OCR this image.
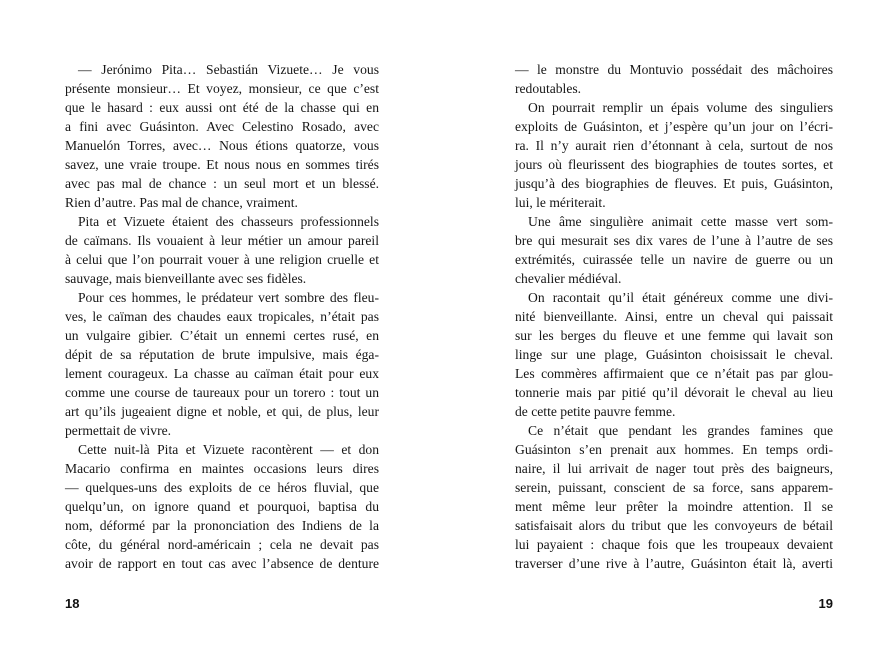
— Jerónimo Pita… Sebastián Vizuete… Je vous
présente monsieur… Et voyez, monsieur, ce que c’est
que le hasard : eux aussi ont été de la chasse qui en
a fini avec Guásinton. Avec Celestino Rosado, avec
Manuelón Torres, avec… Nous étions quatorze, vous
savez, une vraie troupe. Et nous nous en sommes tirés
avec pas mal de chance : un seul mort et un blessé.
Rien d’autre. Pas mal de chance, vraiment.
Pita et Vizuete étaient des chasseurs professionnels
de caïmans. Ils vouaient à leur métier un amour pareil
à celui que l’on pourrait vouer à une religion cruelle et
sauvage, mais bienveillante avec ses fidèles.
Pour ces hommes, le prédateur vert sombre des fleu-
ves, le caïman des chaudes eaux tropicales, n’était pas
un vulgaire gibier. C’était un ennemi certes rusé, en
dépit de sa réputation de brute impulsive, mais éga-
lement courageux. La chasse au caïman était pour eux
comme une course de taureaux pour un torero : tout un
art qu’ils jugeaient digne et noble, et qui, de plus, leur
permettait de vivre.
Cette nuit-là Pita et Vizuete racontèrent — et don
Macario confirma en maintes occasions leurs dires
— quelques-uns des exploits de ce héros fluvial, que
quelqu’un, on ignore quand et pourquoi, baptisa du
nom, déformé par la prononciation des Indiens de la
côte, du général nord-américain ; cela ne devait pas
avoir de rapport en tout cas avec l’absence de denture
18
— le monstre du Montuvio possédait des mâchoires
redoutables.
On pourrait remplir un épais volume des singuliers
exploits de Guásinton, et j’espère qu’un jour on l’écri-
ra. Il n’y aurait rien d’étonnant à cela, surtout de nos
jours où fleurissent des biographies de toutes sortes, et
jusqu’à des biographies de fleuves. Et puis, Guásinton,
lui, le mériterait.
Une âme singulière animait cette masse vert som-
bre qui mesurait ses dix vares de l’une à l’autre de ses
extrémités, cuirassée telle un navire de guerre ou un
chevalier médiéval.
On racontait qu’il était généreux comme une divi-
nité bienveillante. Ainsi, entre un cheval qui paissait
sur les berges du fleuve et une femme qui lavait son
linge sur une plage, Guásinton choisissait le cheval.
Les commères affirmaient que ce n’était pas par glou-
tonnerie mais par pitié qu’il dévorait le cheval au lieu
de cette petite pauvre femme.
Ce n’était que pendant les grandes famines que
Guásinton s’en prenait aux hommes. En temps ordi-
naire, il lui arrivait de nager tout près des baigneurs,
serein, puissant, conscient de sa force, sans apparem-
ment même leur prêter la moindre attention. Il se
satisfaisait alors du tribut que les convoyeurs de bétail
lui payaient : chaque fois que les troupeaux devaient
traverser d’une rive à l’autre, Guásinton était là, averti
19
